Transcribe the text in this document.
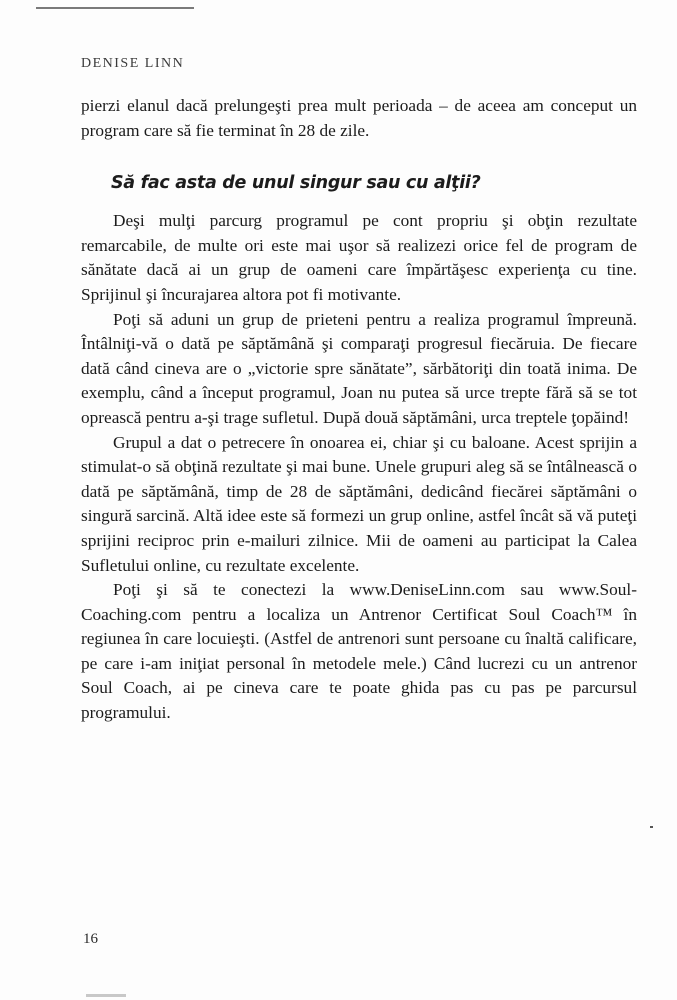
DENISE LINN

pierzi elanul dacă prelungeşti prea mult perioada – de aceea am conceput un program care să fie terminat în 28 de zile.

Să fac asta de unul singur sau cu alţii?

Deşi mulţi parcurg programul pe cont propriu şi obţin rezultate remarcabile, de multe ori este mai uşor să realizezi orice fel de program de sănătate dacă ai un grup de oameni care împărtăşesc experienţa cu tine. Sprijinul şi încurajarea altora pot fi motivante.

Poţi să aduni un grup de prieteni pentru a realiza programul împreună. Întâlniţi-vă o dată pe săptămână şi comparaţi progresul fiecăruia. De fiecare dată când cineva are o „victorie spre sănătate”, sărbătoriţi din toată inima. De exemplu, când a început programul, Joan nu putea să urce trepte fără să se tot oprească pentru a-şi trage sufletul. După două săptămâni, urca treptele ţopăind!

Grupul a dat o petrecere în onoarea ei, chiar şi cu baloane. Acest sprijin a stimulat-o să obţină rezultate şi mai bune. Unele grupuri aleg să se întâlnească o dată pe săptămână, timp de 28 de săptămâni, dedicând fiecărei săptămâni o singură sarcină. Altă idee este să formezi un grup online, astfel încât să vă puteţi sprijini reciproc prin e-mailuri zilnice. Mii de oameni au participat la Calea Sufletului online, cu rezultate excelente.

Poţi şi să te conectezi la www.DeniseLinn.com sau www.Soul-Coaching.com pentru a localiza un Antrenor Certificat Soul Coach™ în regiunea în care locuieşti. (Astfel de antrenori sunt persoane cu înaltă calificare, pe care i-am iniţiat personal în metodele mele.) Când lucrezi cu un antrenor Soul Coach, ai pe cineva care te poate ghida pas cu pas pe parcursul programului.

16
